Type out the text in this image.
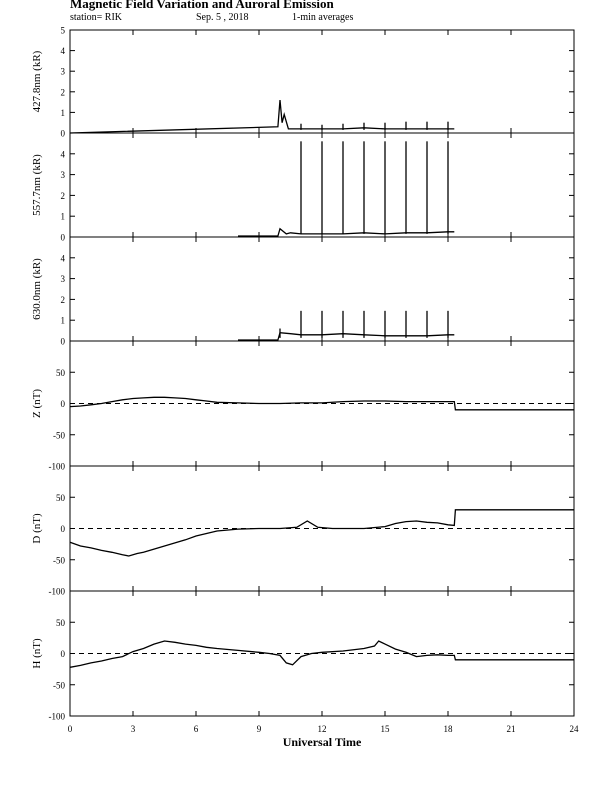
Magnetic Field Variation and Auroral Emission
station= RIK	Sep. 5 , 2018	1-min averages
0
1
2
3
4
5
427.8nm (kR)
0
1
2
3
4
557.7nm (kR)
0
1
2
3
4
630.0nm (kR)
-100
-50
0
50
Z (nT)
-100
-50
0
50
D (nT)
-100
-50
0
50
H (nT)
0	3	6	9	12	15	18	21	24
Universal Time
